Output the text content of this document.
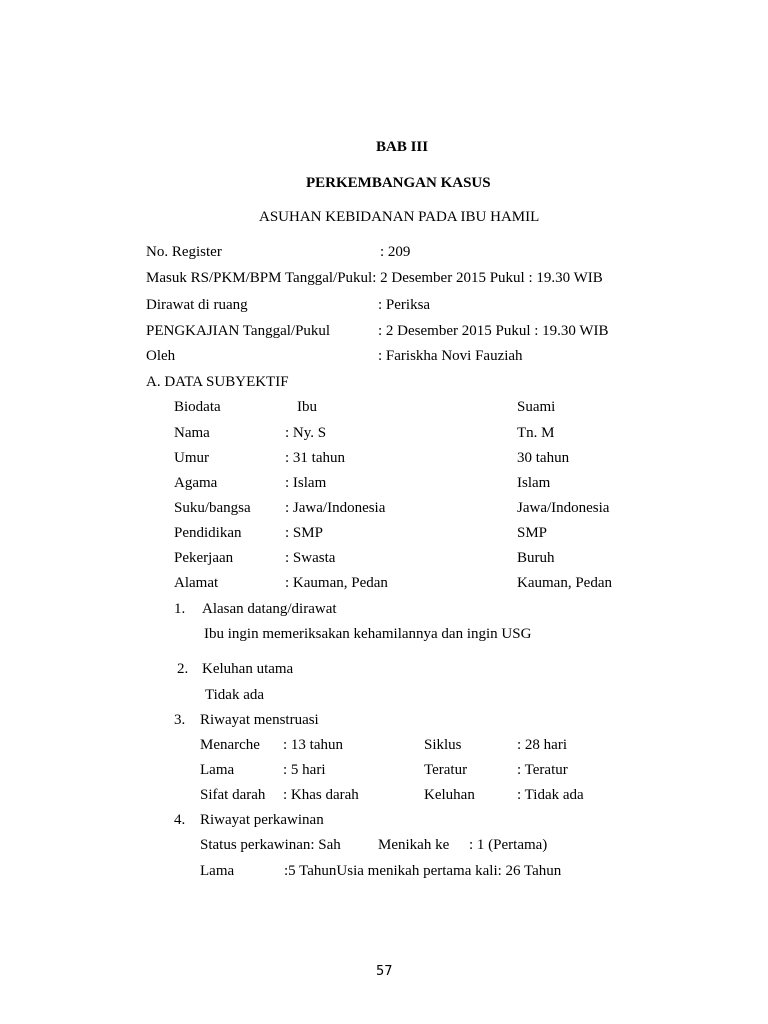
BAB III
PERKEMBANGAN KASUS
ASUHAN KEBIDANAN PADA IBU HAMIL
No. Register	: 209
Masuk RS/PKM/BPM Tanggal/Pukul: 2 Desember 2015 Pukul : 19.30 WIB
Dirawat di ruang	: Periksa
PENGKAJIAN Tanggal/Pukul	: 2 Desember 2015 Pukul : 19.30 WIB
Oleh	: Fariskha Novi Fauziah
A. DATA SUBYEKTIF
Biodata	Ibu	Suami
Nama	: Ny. S	Tn. M
Umur	: 31 tahun	30 tahun
Agama	: Islam	Islam
Suku/bangsa : Jawa/Indonesia	Jawa/Indonesia
Pendidikan	: SMP	SMP
Pekerjaan	: Swasta	Buruh
Alamat	: Kauman, Pedan	Kauman, Pedan
1. Alasan datang/dirawat
Ibu ingin memeriksakan kehamilannya dan ingin USG
2. Keluhan utama
Tidak ada
3. Riwayat menstruasi
Menarche : 13 tahun	Siklus	: 28 hari
Lama	: 5 hari	Teratur	: Teratur
Sifat darah : Khas darah	Keluhan	: Tidak ada
4. Riwayat perkawinan
Status perkawinan: Sah Menikah ke : 1 (Pertama)
Lama	:5 TahunUsia menikah pertama kali: 26 Tahun
57
